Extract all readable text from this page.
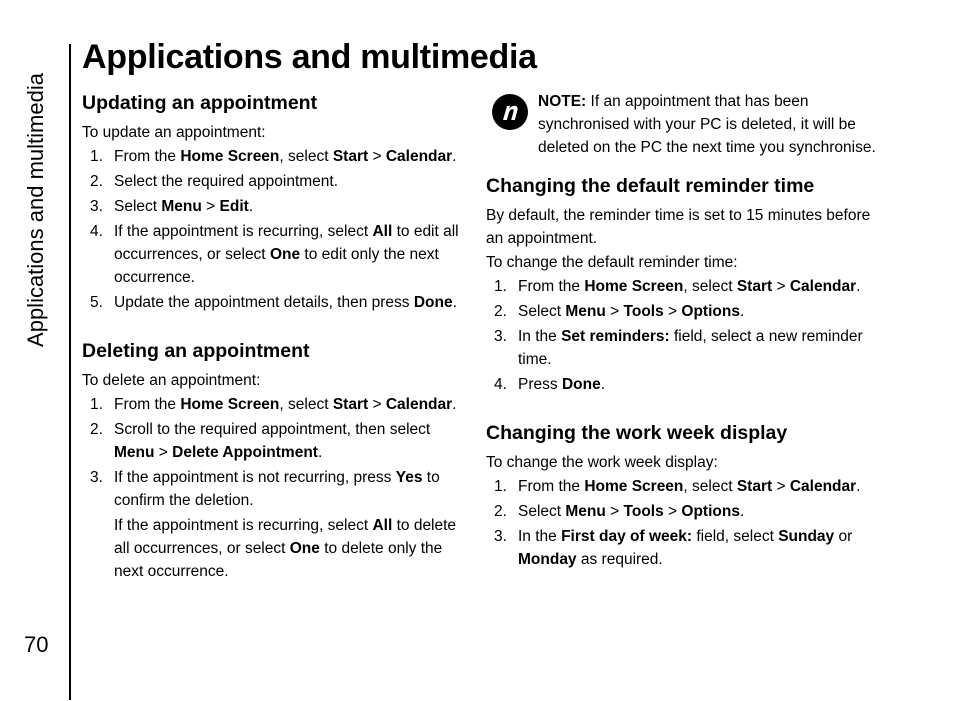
Applications and multimedia
70
Applications and multimedia
Updating an appointment

To update an appointment:

1. From the Home Screen, select Start > Calendar.
2. Select the required appointment.
3. Select Menu > Edit.
4. If the appointment is recurring, select All to edit all occurrences, or select One to edit only the next occurrence.
5. Update the appointment details, then press Done.
Deleting an appointment

To delete an appointment:

1. From the Home Screen, select Start > Calendar.
2. Scroll to the required appointment, then select Menu > Delete Appointment.
3. If the appointment is not recurring, press Yes to confirm the deletion.
If the appointment is recurring, select All to delete all occurrences, or select One to delete only the next occurrence.
NOTE: If an appointment that has been synchronised with your PC is deleted, it will be deleted on the PC the next time you synchronise.
Changing the default reminder time

By default, the reminder time is set to 15 minutes before an appointment.

To change the default reminder time:

1. From the Home Screen, select Start > Calendar.
2. Select Menu > Tools > Options.
3. In the Set reminders: field, select a new reminder time.
4. Press Done.
Changing the work week display

To change the work week display:

1. From the Home Screen, select Start > Calendar.
2. Select Menu > Tools > Options.
3. In the First day of week: field, select Sunday or Monday as required.
